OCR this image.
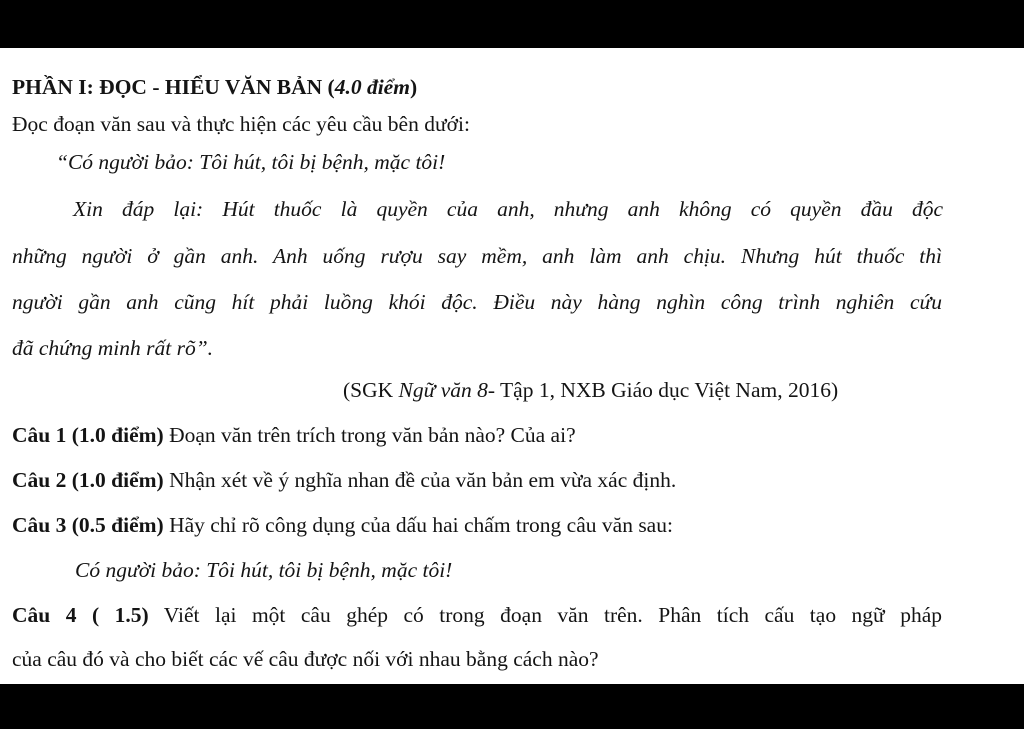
PHẦN I: ĐỌC - HIỂU VĂN BẢN (4.0 điểm)
Đọc đoạn văn sau và thực hiện các yêu cầu bên dưới:
“Có người bảo: Tôi hút, tôi bị bệnh, mặc tôi!
Xin đáp lại: Hút thuốc là quyền của anh, nhưng anh không có quyền đầu độc
những người ở gần anh. Anh uống rượu say mềm, anh làm anh chịu. Nhưng hút thuốc thì
người gần anh cũng hít phải luồng khói độc. Điều này hàng nghìn công trình nghiên cứu
đã chứng minh rất rõ”.
(SGK Ngữ văn 8- Tập 1, NXB Giáo dục Việt Nam, 2016)
Câu 1 (1.0 điểm) Đoạn văn trên trích trong văn bản nào? Của ai?
Câu 2 (1.0 điểm) Nhận xét về ý nghĩa nhan đề của văn bản em vừa xác định.
Câu 3 (0.5 điểm) Hãy chỉ rõ công dụng của dấu hai chấm trong câu văn sau:
Có người bảo: Tôi hút, tôi bị bệnh, mặc tôi!
Câu 4 ( 1.5) Viết lại một câu ghép có trong đoạn văn trên. Phân tích cấu tạo ngữ pháp
của câu đó và cho biết các vế câu được nối với nhau bằng cách nào?
